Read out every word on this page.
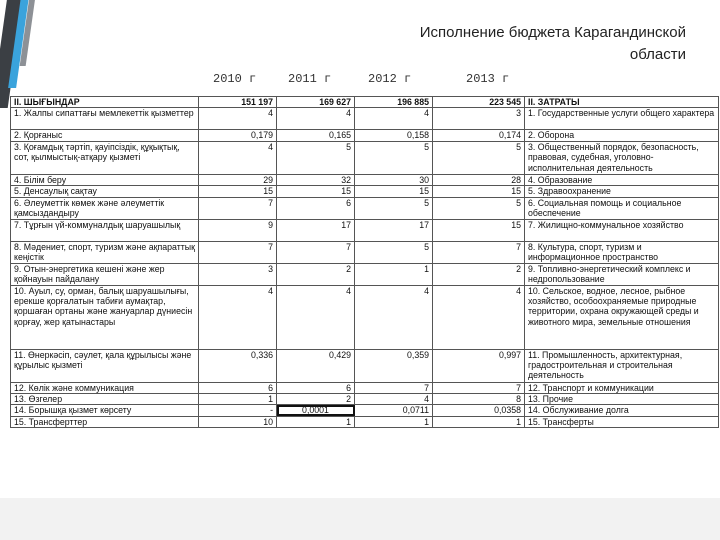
Исполнение бюджета Карагандинской
области
2010 г	2011 г	2012 г	2013 г
II. ШЫҒЫНДАР	151 197	169 627	196 885	223 545	II. ЗАТРАТЫ
1. Жалпы сипаттағы мемлекеттік қызметтер	4	4	4	3	1. Государственные услуги общего характера
2. Қорғаныс	0,179	0,165	0,158	0,174	2. Оборона
3. Қоғамдық тәртіп, қауіпсіздік, құқықтық, сот, қылмыстық-атқару қызметі	4	5	5	5	3. Общественный порядок, безопасность, правовая, судебная, уголовно-исполнительная деятельность
4. Білім беру	29	32	30	28	4. Образование
5. Денсаулық сақтау	15	15	15	15	5. Здравоохранение
6. Әлеуметтік көмек және әлеуметтік қамсыздандыру	7	6	5	5	6. Социальная помощь и социальное обеспечение
7. Тұрғын үй-коммуналдық шаруашылық	9	17	17	15	7. Жилищно-коммунальное хозяйство
8. Мәдениет, спорт, туризм және ақпараттық кеңістік	7	7	5	7	8. Культура, спорт, туризм и информационное пространство
9. Отын-энергетика кешені және жер қойнауын пайдалану	3	2	1	2	9. Топливно-энергетический комплекс и недропользование
10. Ауыл, су, орман, балық шаруашылығы, ерекше қорғалатын табиғи аумақтар, қоршаған ортаны және жануарлар дүниесін қорғау, жер қатынастары	4	4	4	4	10. Сельское, водное, лесное, рыбное хозяйство, особоохраняемые природные территории, охрана окружающей среды и животного мира, земельные отношения
11. Өнеркәсіп, сәулет, қала құрылысы және құрылыс қызметі	0,336	0,429	0,359	0,997	11. Промышленность, архитектурная, градостроительная и строительная деятельность
12. Көлік және коммуникация	6	6	7	7	12. Транспорт и коммуникации
13. Өзгелер	1	2	4	8	13. Прочие
14. Борышқа қызмет көрсету	-	0,0001	0,0711	0,0358	14. Обслуживание долга
15. Трансферттер	10	1	1	1	15. Трансферты
